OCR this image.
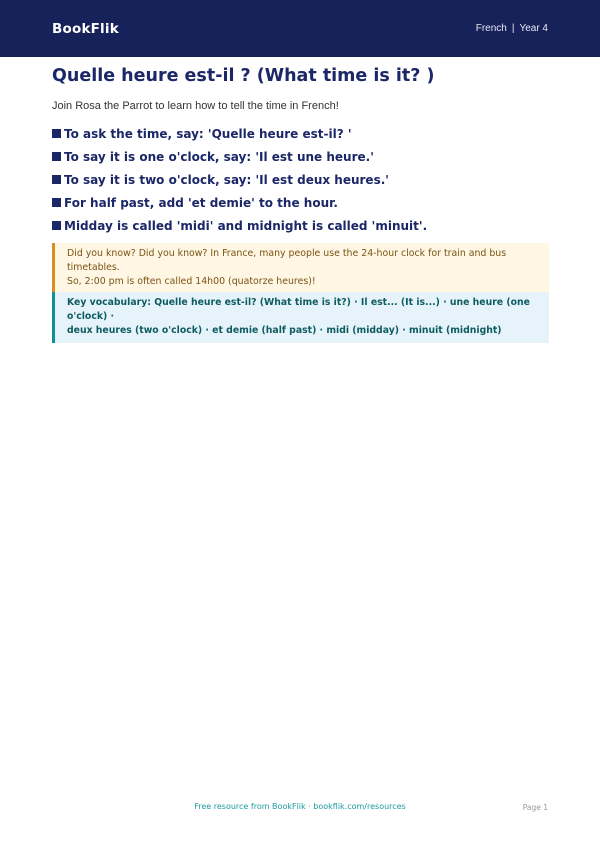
BookFlik	French | Year 4
Quelle heure est-il ? (What time is it? )

Join Rosa the Parrot to learn how to tell the time in French!

To ask the time, say: 'Quelle heure est-il? '
To say it is one o'clock, say: 'Il est une heure.'
To say it is two o'clock, say: 'Il est deux heures.'
For half past, add 'et demie' to the hour.
Midday is called 'midi' and midnight is called 'minuit'.
Did you know? Did you know? In France, many people use the 24-hour clock for train and bus timetables.
So, 2:00 pm is often called 14h00 (quatorze heures)!
Key vocabulary: Quelle heure est-il? (What time is it?) · Il est... (It is...) · une heure (one o'clock) ·
deux heures (two o'clock) · et demie (half past) · midi (midday) · minuit (midnight)
Free resource from BookFlik · bookflik.com/resources	Page 1
